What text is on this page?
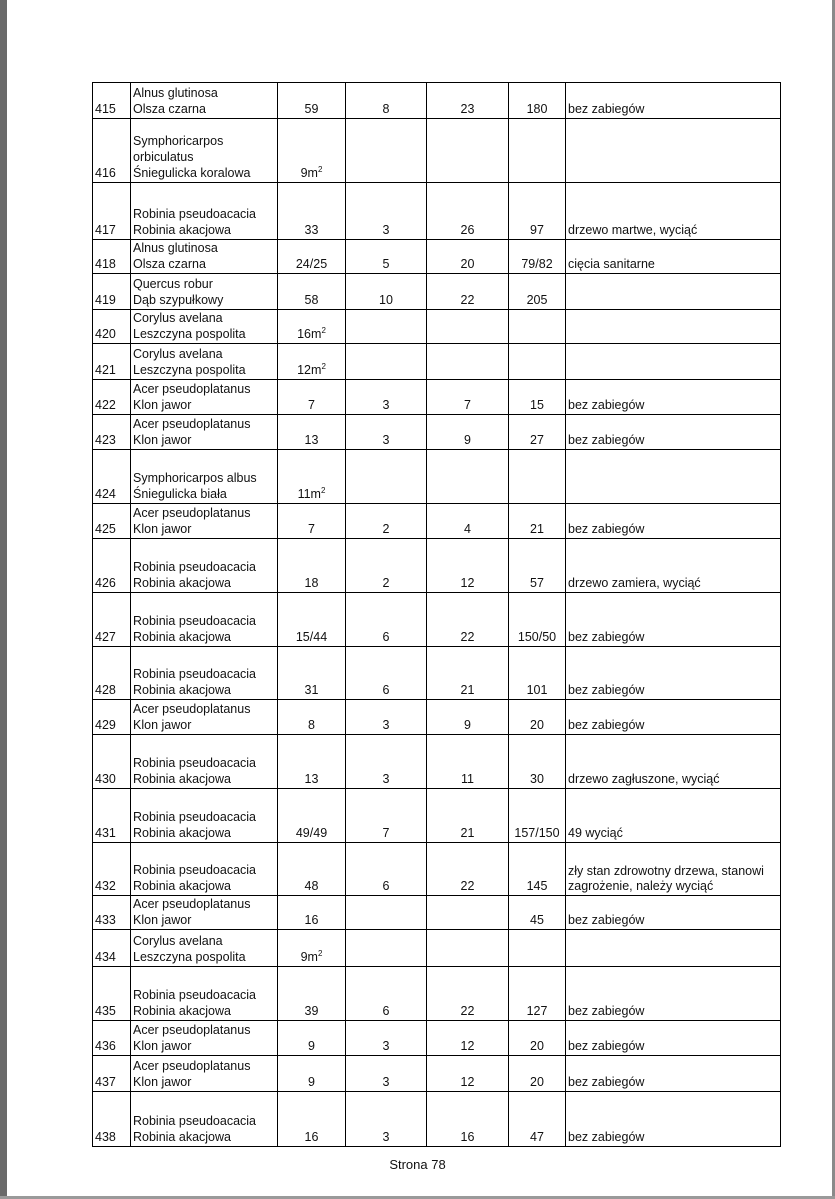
415	Alnus glutinosa
Olsza czarna	59	8	23	180	bez zabiegów
416	Symphoricarpos orbiculatus
Śniegulicka koralowa	$9m^2$				
417	Robinia pseudoacacia
Robinia akacjowa	33	3	26	97	drzewo martwe, wyciąć
418	Alnus glutinosa
Olsza czarna	24/25	5	20	79/82	cięcia sanitarne
419	Quercus robur
Dąb szypułkowy	58	10	22	205	
420	Corylus avelana
Leszczyna pospolita	$16m^2$				
421	Corylus avelana
Leszczyna pospolita	$12m^2$				
422	Acer pseudoplatanus
Klon jawor	7	3	7	15	bez zabiegów
423	Acer pseudoplatanus
Klon jawor	13	3	9	27	bez zabiegów
424	Symphoricarpos albus
Śniegulicka biała	$11m^2$				
425	Acer pseudoplatanus
Klon jawor	7	2	4	21	bez zabiegów
426	Robinia pseudoacacia
Robinia akacjowa	18	2	12	57	drzewo zamiera, wyciąć
427	Robinia pseudoacacia
Robinia akacjowa	15/44	6	22	150/50	bez zabiegów
428	Robinia pseudoacacia
Robinia akacjowa	31	6	21	101	bez zabiegów
429	Acer pseudoplatanus
Klon jawor	8	3	9	20	bez zabiegów
430	Robinia pseudoacacia
Robinia akacjowa	13	3	11	30	drzewo zagłuszone, wyciąć
431	Robinia pseudoacacia
Robinia akacjowa	49/49	7	21	157/150	49 wyciąć
432	Robinia pseudoacacia
Robinia akacjowa	48	6	22	145	zły stan zdrowotny drzewa, stanowi zagrożenie, należy wyciąć
433	Acer pseudoplatanus
Klon jawor	16			45	bez zabiegów
434	Corylus avelana
Leszczyna pospolita	$9m^2$				
435	Robinia pseudoacacia
Robinia akacjowa	39	6	22	127	bez zabiegów
436	Acer pseudoplatanus
Klon jawor	9	3	12	20	bez zabiegów
437	Acer pseudoplatanus
Klon jawor	9	3	12	20	bez zabiegów
438	Robinia pseudoacacia
Robinia akacjowa	16	3	16	47	bez zabiegów
Strona 78
